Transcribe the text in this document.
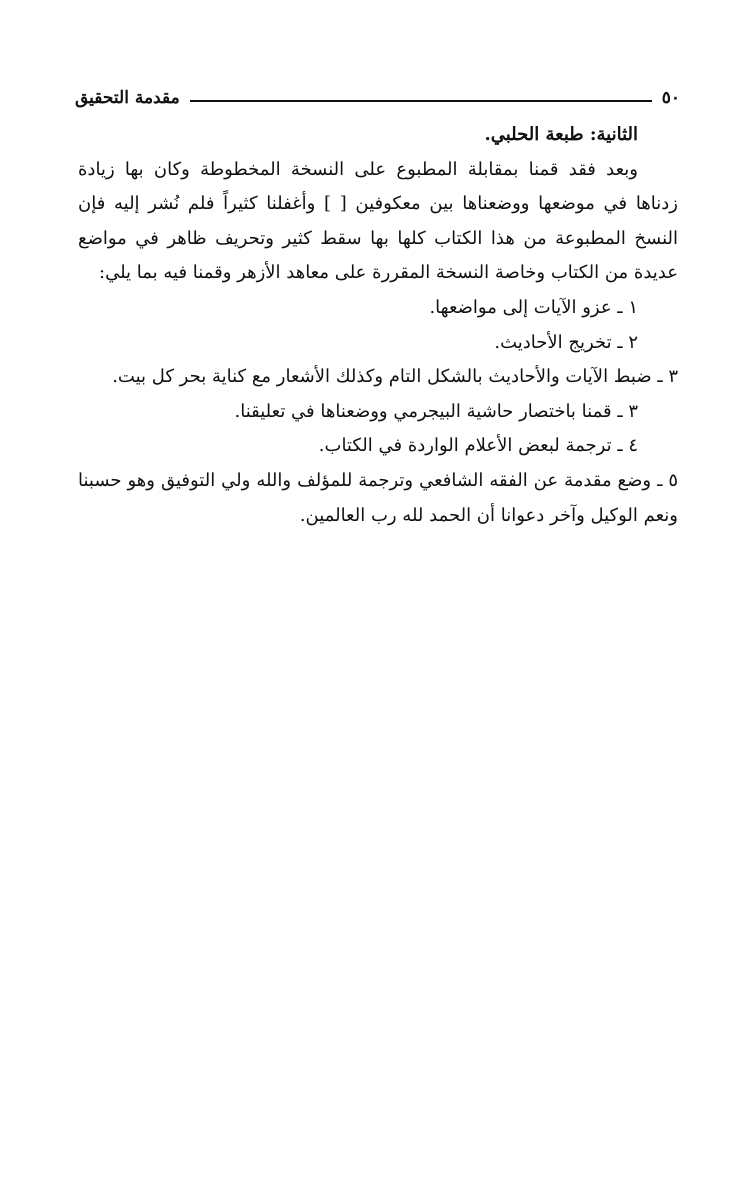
٥٠
مقدمة التحقيق

الثانية: طبعة الحلبي.

وبعد فقد قمنا بمقابلة المطبوع على النسخة المخطوطة وكان بها زيادة زدناها في موضعها ووضعناها بين معكوفين [ ] وأغفلنا كثيراً فلم نُشر إليه فإن النسخ المطبوعة من هذا الكتاب كلها بها سقط كثير وتحريف ظاهر في مواضع عديدة من الكتاب وخاصة النسخة المقررة على معاهد الأزهر وقمنا فيه بما يلي:

١ ـ عزو الآيات إلى مواضعها.
٢ ـ تخريج الأحاديث.
٣ ـ ضبط الآيات والأحاديث بالشكل التام وكذلك الأشعار مع كناية بحر كل بيت.
٣ ـ قمنا باختصار حاشية البيجرمي ووضعناها في تعليقنا.
٤ ـ ترجمة لبعض الأعلام الواردة في الكتاب.
٥ ـ وضع مقدمة عن الفقه الشافعي وترجمة للمؤلف والله ولي التوفيق وهو حسبنا ونعم الوكيل وآخر دعوانا أن الحمد لله رب العالمين.
